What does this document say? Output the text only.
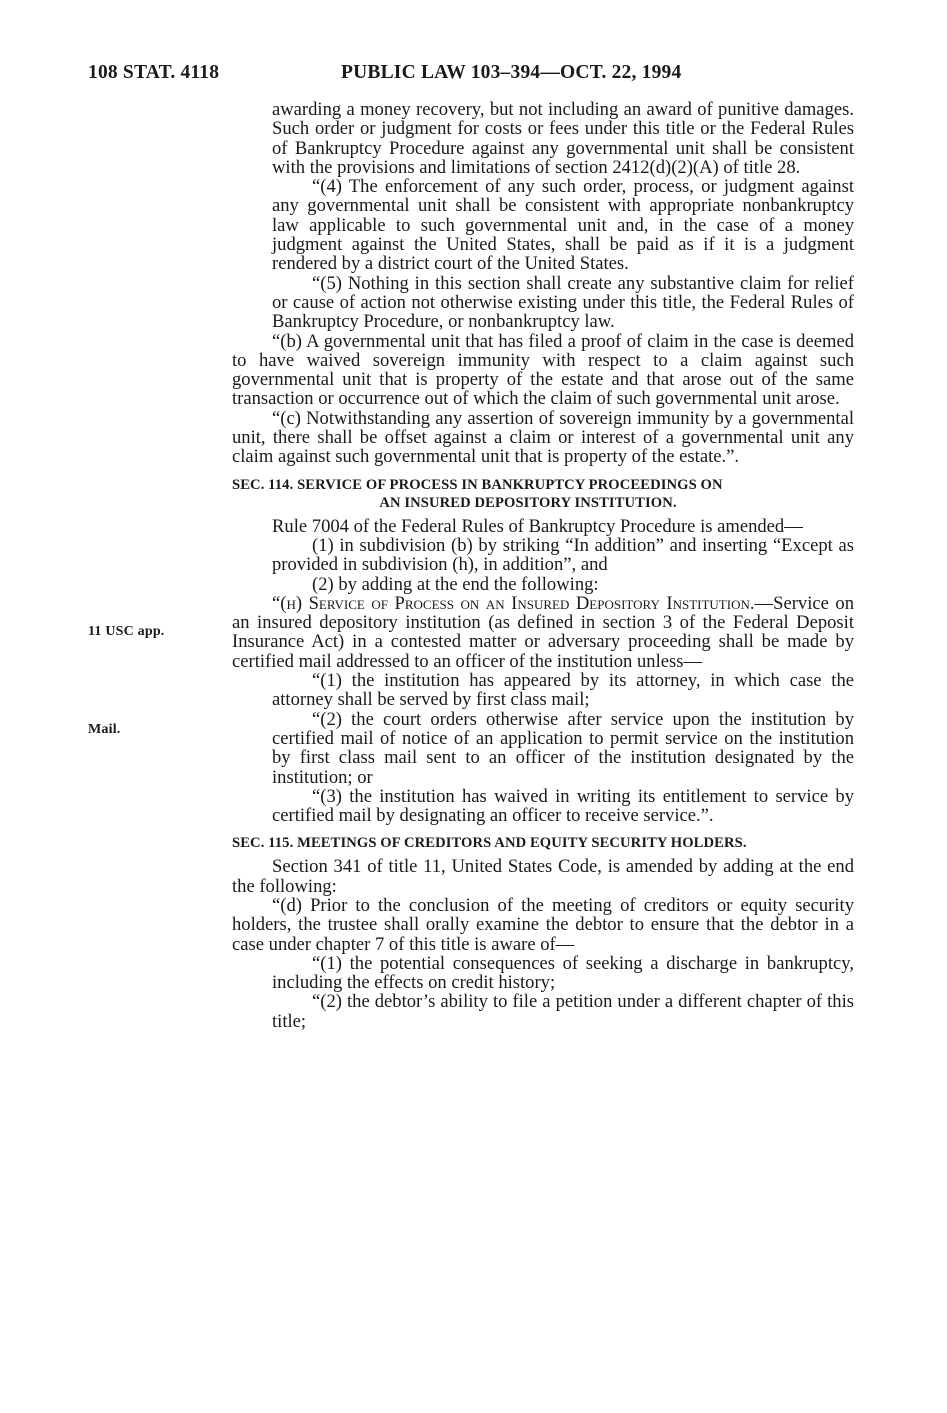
108 STAT. 4118	PUBLIC LAW 103–394—OCT. 22, 1994
11 USC app.
Mail.

awarding a money recovery, but not including an award of punitive damages. Such order or judgment for costs or fees under this title or the Federal Rules of Bankruptcy Procedure against any governmental unit shall be consistent with the provisions and limitations of section 2412(d)(2)(A) of title 28.

“(4) The enforcement of any such order, process, or judgment against any governmental unit shall be consistent with appropriate nonbankruptcy law applicable to such governmental unit and, in the case of a money judgment against the United States, shall be paid as if it is a judgment rendered by a district court of the United States.

“(5) Nothing in this section shall create any substantive claim for relief or cause of action not otherwise existing under this title, the Federal Rules of Bankruptcy Procedure, or nonbankruptcy law.

“(b) A governmental unit that has filed a proof of claim in the case is deemed to have waived sovereign immunity with respect to a claim against such governmental unit that is property of the estate and that arose out of the same transaction or occurrence out of which the claim of such governmental unit arose.

“(c) Notwithstanding any assertion of sovereign immunity by a governmental unit, there shall be offset against a claim or interest of a governmental unit any claim against such governmental unit that is property of the estate.”.

SEC. 114. SERVICE OF PROCESS IN BANKRUPTCY PROCEEDINGS ON
AN INSURED DEPOSITORY INSTITUTION.

Rule 7004 of the Federal Rules of Bankruptcy Procedure is amended—

(1) in subdivision (b) by striking “In addition” and inserting “Except as provided in subdivision (h), in addition”, and

(2) by adding at the end the following:

“(h) Service of Process on an Insured Depository Institution.—Service on an insured depository institution (as defined in section 3 of the Federal Deposit Insurance Act) in a contested matter or adversary proceeding shall be made by certified mail addressed to an officer of the institution unless—

“(1) the institution has appeared by its attorney, in which case the attorney shall be served by first class mail;

“(2) the court orders otherwise after service upon the institution by certified mail of notice of an application to permit service on the institution by first class mail sent to an officer of the institution designated by the institution; or

“(3) the institution has waived in writing its entitlement to service by certified mail by designating an officer to receive service.”.

SEC. 115. MEETINGS OF CREDITORS AND EQUITY SECURITY HOLDERS.

Section 341 of title 11, United States Code, is amended by adding at the end the following:

“(d) Prior to the conclusion of the meeting of creditors or equity security holders, the trustee shall orally examine the debtor to ensure that the debtor in a case under chapter 7 of this title is aware of—

“(1) the potential consequences of seeking a discharge in bankruptcy, including the effects on credit history;

“(2) the debtor’s ability to file a petition under a different chapter of this title;
